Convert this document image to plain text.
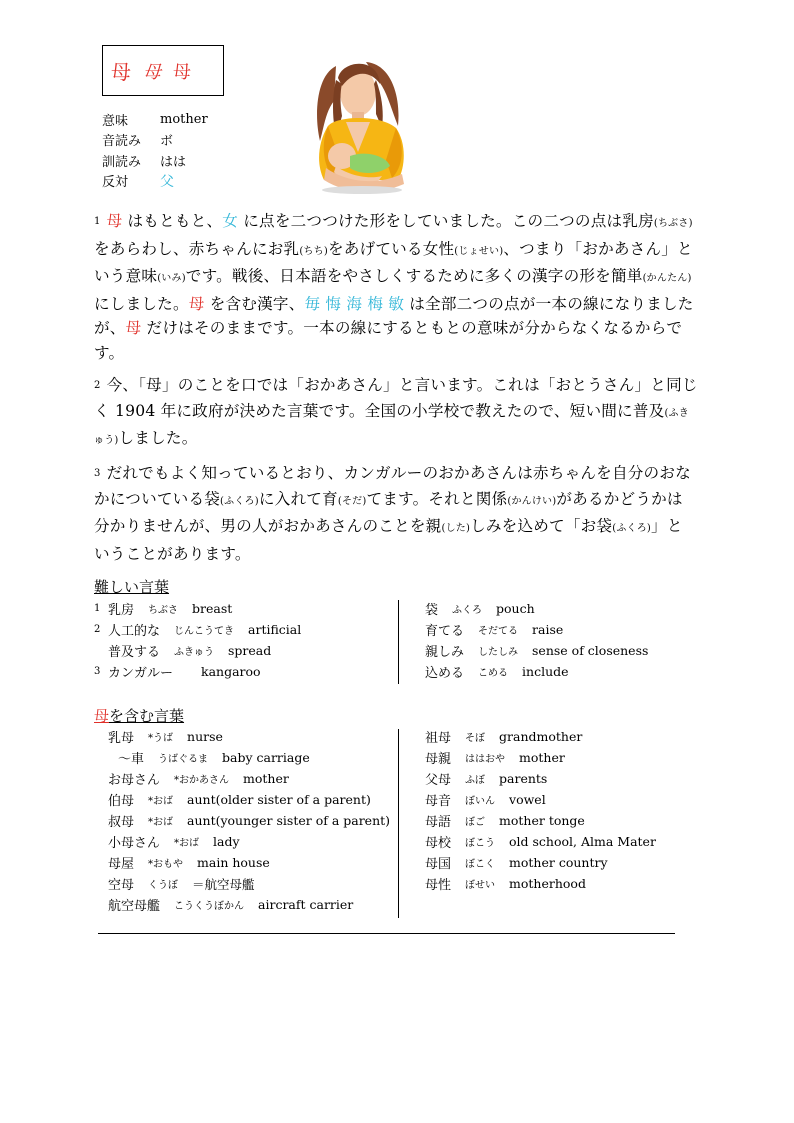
母 母 母
意味	mother
音読み	ボ
訓読み	はは
反対	父
1 母 はもともと、女 に点を二つつけた形をしていました。この二つの点は乳房(ちぶさ)をあらわし、赤ちゃんにお乳(ちち)をあげている女性(じょせい)、つまり「おかあさん」という意味(いみ)です。戦後、日本語をやさしくするために多くの漢字の形を簡単(かんたん)にしました。母 を含む漢字、毎 悔 海 梅 敏 は全部二つの点が一本の線になりましたが、母 だけはそのままです。一本の線にするともとの意味が分からなくなるからです。
2 今、「母」のことを口では「おかあさん」と言います。これは「おとうさん」と同じく 1904 年に政府が決めた言葉です。全国の小学校で教えたので、短い間に普及(ふきゅう)しました。
3 だれでもよく知っているとおり、カンガルーのおかあさんは赤ちゃんを自分のおなかについている袋(ふくろ)に入れて育(そだ)てます。それと関係(かんけい)があるかどうかは分かりませんが、男の人がおかあさんのことを親(した)しみを込めて「お袋(ふくろ)」ということがあります。
難しい言葉
1 乳房 ちぶさ breast
2 人工的な じんこうてき artificial
普及する ふきゅう spread
3 カンガルー kangaroo
袋 ふくろ pouch
育てる そだてる raise
親しみ したしみ sense of closeness
込める こめる include
母を含む言葉
乳母 *うば nurse
～車 うばぐるま baby carriage
お母さん *おかあさん mother
伯母 *おば aunt(older sister of a parent)
叔母 *おば aunt(younger sister of a parent)
小母さん *おば lady
母屋 *おもや main house
空母 くうぼ ＝航空母艦
航空母艦 こうくうぼかん aircraft carrier
祖母 そぼ grandmother
母親 ははおや mother
父母 ふぼ parents
母音 ぼいん vowel
母語 ぼご mother tonge
母校 ぼこう old school, Alma Mater
母国 ぼこく mother country
母性 ぼせい motherhood
